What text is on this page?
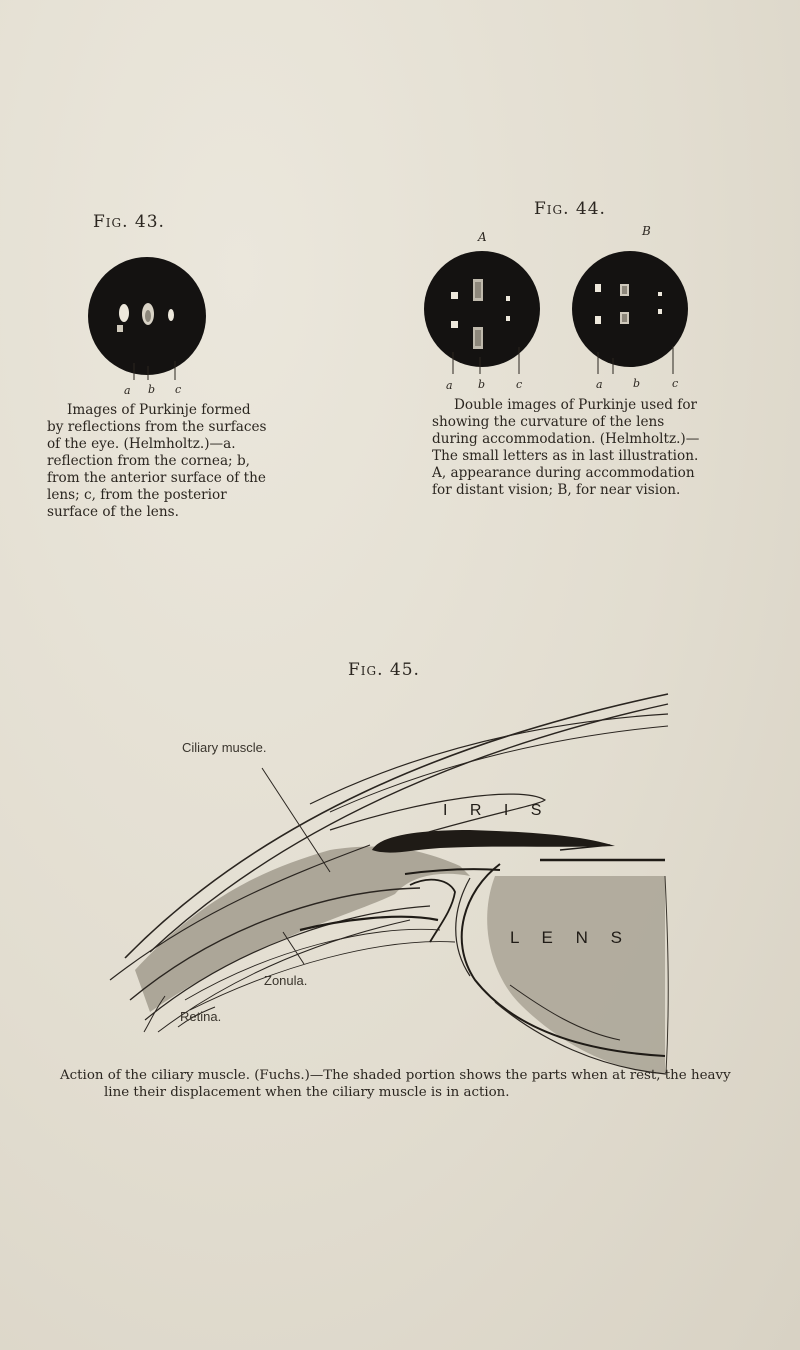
Fig. 43.
a b c
Images of Purkinje formed by reflections from the surfaces of the eye. (Helmholtz.)—a. reflection from the cornea; b, from the anterior surface of the lens; c, from the posterior surface of the lens.
Fig. 44.
A	B
a b	c	a	b	c
Double images of Purkinje used for showing the curvature of the lens during accommodation. (Helmholtz.)—The small letters as in last illustration. A, appearance during accommodation for distant vision; B, for near vision.
Fig. 45.
Ciliary muscle.
I R I S
L E N S
Zonula.
Retina.
Action of the ciliary muscle. (Fuchs.)—The shaded portion shows the parts when at rest, the heavy
line their displacement when the ciliary muscle is in action.
